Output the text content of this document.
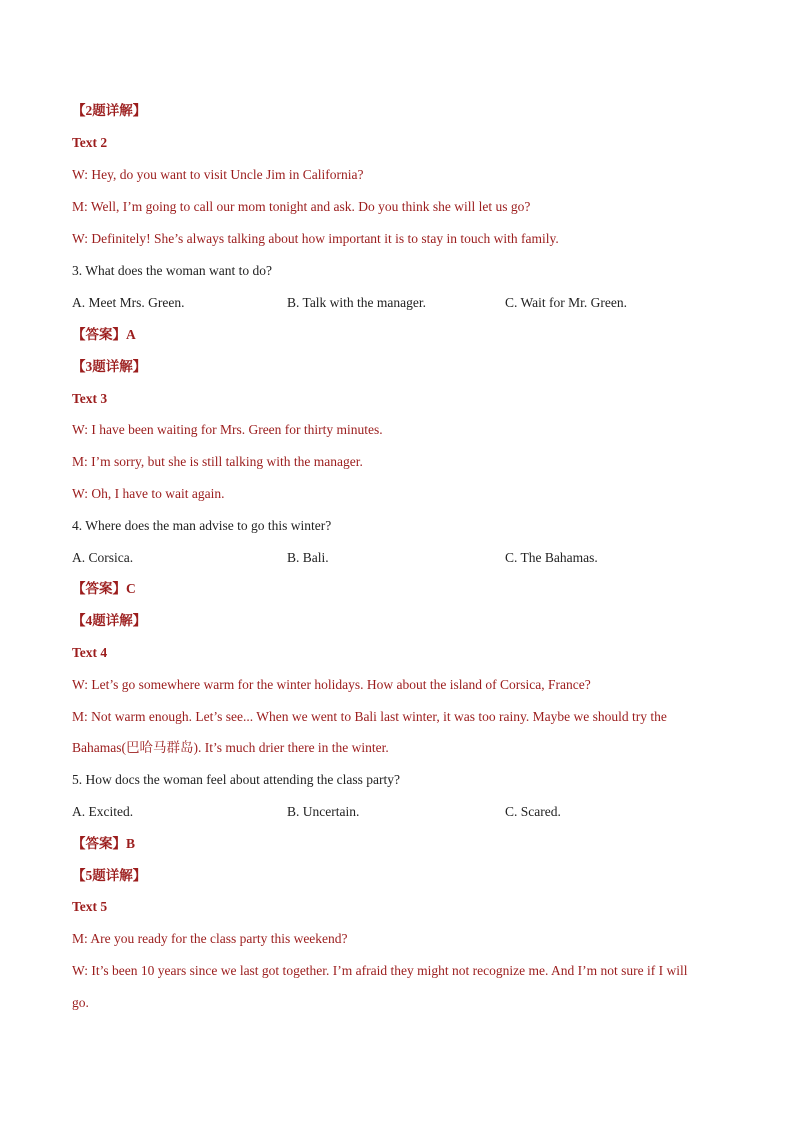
【2题详解】
Text 2
W: Hey, do you want to visit Uncle Jim in California?
M: Well, I’m going to call our mom tonight and ask. Do you think she will let us go?
W: Definitely! She’s always talking about how important it is to stay in touch with family.
3. What does the woman want to do?
A. Meet Mrs. Green.	B. Talk with the manager.	C. Wait for Mr. Green.
【答案】A
【3题详解】
Text 3
W: I have been waiting for Mrs. Green for thirty minutes.
M: I’m sorry, but she is still talking with the manager.
W: Oh, I have to wait again.
4. Where does the man advise to go this winter?
A. Corsica.	B. Bali.	C. The Bahamas.
【答案】C
【4题详解】
Text 4
W: Let’s go somewhere warm for the winter holidays. How about the island of Corsica, France?
M: Not warm enough. Let’s see... When we went to Bali last winter, it was too rainy. Maybe we should try the
Bahamas(巴哈马群岛). It’s much drier there in the winter.
5. How docs the woman feel about attending the class party?
A. Excited.	B. Uncertain.	C. Scared.
【答案】B
【5题详解】
Text 5
M: Are you ready for the class party this weekend?
W: It’s been 10 years since we last got together. I’m afraid they might not recognize me. And I’m not sure if I will
go.
